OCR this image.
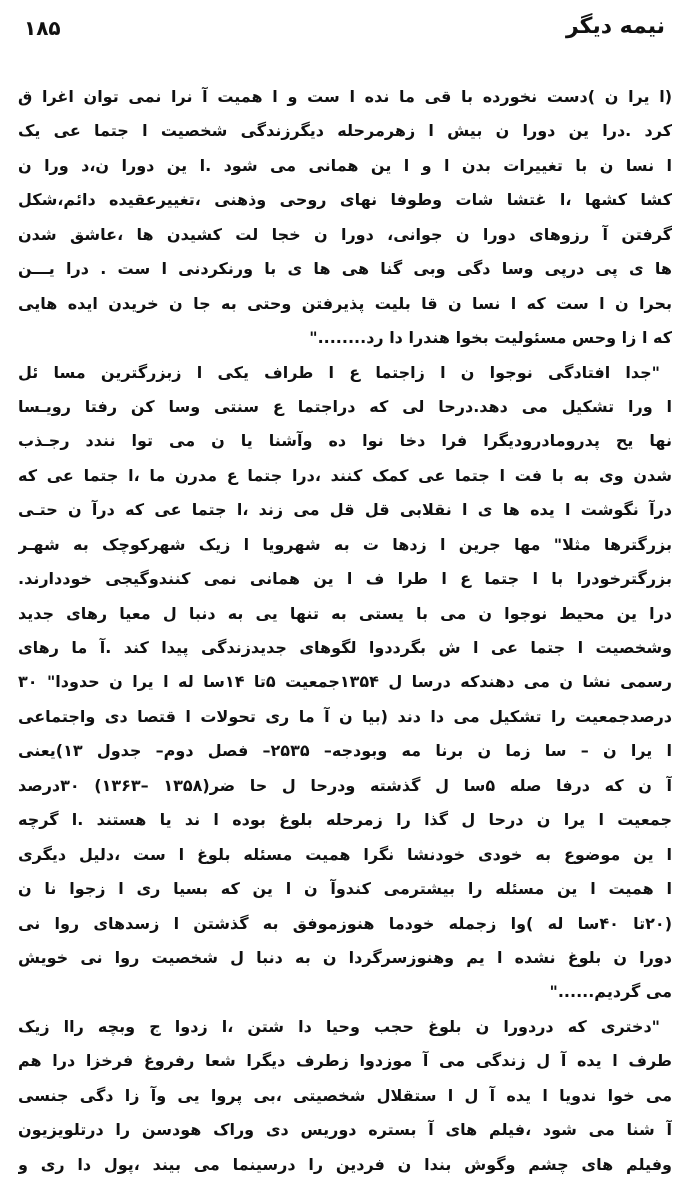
۱۸۵	نیمه دیگر
(ا یرا ن )دست نخورده با قی ما نده ا ست و ا همیت آ نرا نمی توان اغرا ق
کرد .درا ین دورا ن بیش ا زهرمرحله دیگرزندگی شخصیت ا جتما عی یک
ا نسا ن با تغییرات بدن ا و ا ین همانی می شود .ا ین دورا ن،د ورا ن
کشا کشها ،ا غتشا شات وطوفا نهای روحی وذهنی ،تغییرعقیده دائم،شکل
گرفتن آ رزوهای دورا ن جوانی، دورا ن خجا لت کشیدن ها ،عاشق شدن
ها ی پی درپی وسا دگی وبی گنا هی ها ی با ورنکردنی ا ست . درا یـــن
بحرا ن ا ست که ا نسا ن قا بلیت پذیرفتن وحتی به جا ن خریدن ایده هایی
که ا زا وحس مسئولیت بخوا هندرا دا رد........"
"جدا افتادگی نوجوا ن ا زاجتما ع ا طراف یکی ا زبزرگترین مسا ئل
ا ورا تشکیل می دهد.درحا لی که دراجتما ع سنتی وسا کن رفتا رویـسا
نها یح پدرومادرودیگرا فرا دخا نوا ده وآشنا یا ن می توا نندد رجـذب
شدن وی به با فت ا جتما عی کمک کنند ،درا جتما ع مدرن ما ،ا جتما عی که
درآ نگوشت ا یده ها ی ا نقلابی قل قل می زند ،ا جتما عی که درآ ن حتـی
بزرگترها مثلا" مها جرین ا زدها ت به شهرویا ا زیک شهرکوچک به شهـر
بزرگترخودرا با ا جتما ع ا طرا ف ا ین همانی نمی کنندوگیجی خوددارند.
درا ین محیط نوجوا ن می با یستی به تنها یی به دنبا ل معیا رهای جدید
وشخصیت ا جتما عی ا ش بگرددوا لگوهای جدیدزندگی پیدا کند .آ ما رهای
رسمی نشا ن می دهندکه درسا ل ۱۳۵۴جمعیت ۵تا ۱۴سا له ا یرا ن حدودا" ۳۰
درصدجمعیت را تشکیل می دا دند (بیا ن آ ما ری تحولات ا قتصا دی واجتماعی
ا یرا ن – سا زما ن برنا مه وبودجه– ۲۵۳۵– فصل دوم– جدول ۱۳)یعنی
آ ن که درفا صله ۵سا ل گذشته ودرحا ل حا ضر(۱۳۵۸ –۱۳۶۳) ۳۰درصد
جمعیت ا یرا ن درحا ل گذا را زمرحله بلوغ بوده ا ند یا هستند .ا گرچه
ا ین موضوع به خودی خودنشا نگرا همیت مسئله بلوغ ا ست ،دلیل دیگری
ا همیت ا ین مسئله را بیشترمی کندوآ ن ا ین که بسیا ری ا زجوا نا ن
(۲۰تا ۴۰سا له )وا زجمله خودما هنوزموفق به گذشتن ا زسدهای روا نی
دورا ن بلوغ نشده ا یم وهنوزسرگردا ن به دنبا ل شخصیت روا نی خویش
می گردیم......"
"دختری که دردورا ن بلوغ حجب وحیا دا شتن ،ا زدوا ج وبچه راا زیک
طرف ا یده آ ل زندگی می آ موزدوا زطرف دیگرا شعا رفروغ فرخزا درا هم
می خوا ندویا ا یده آ ل ا ستقلال شخصیتی ،بی پروا یی وآ زا دگی جنسی
آ شنا می شود ،فیلم های آ بستره دوریس دی وراک هودسن را درتلویزیون
وفیلم های چشم وگوش بندا ن فردین را درسینما می بیند ،پول دا ری و
